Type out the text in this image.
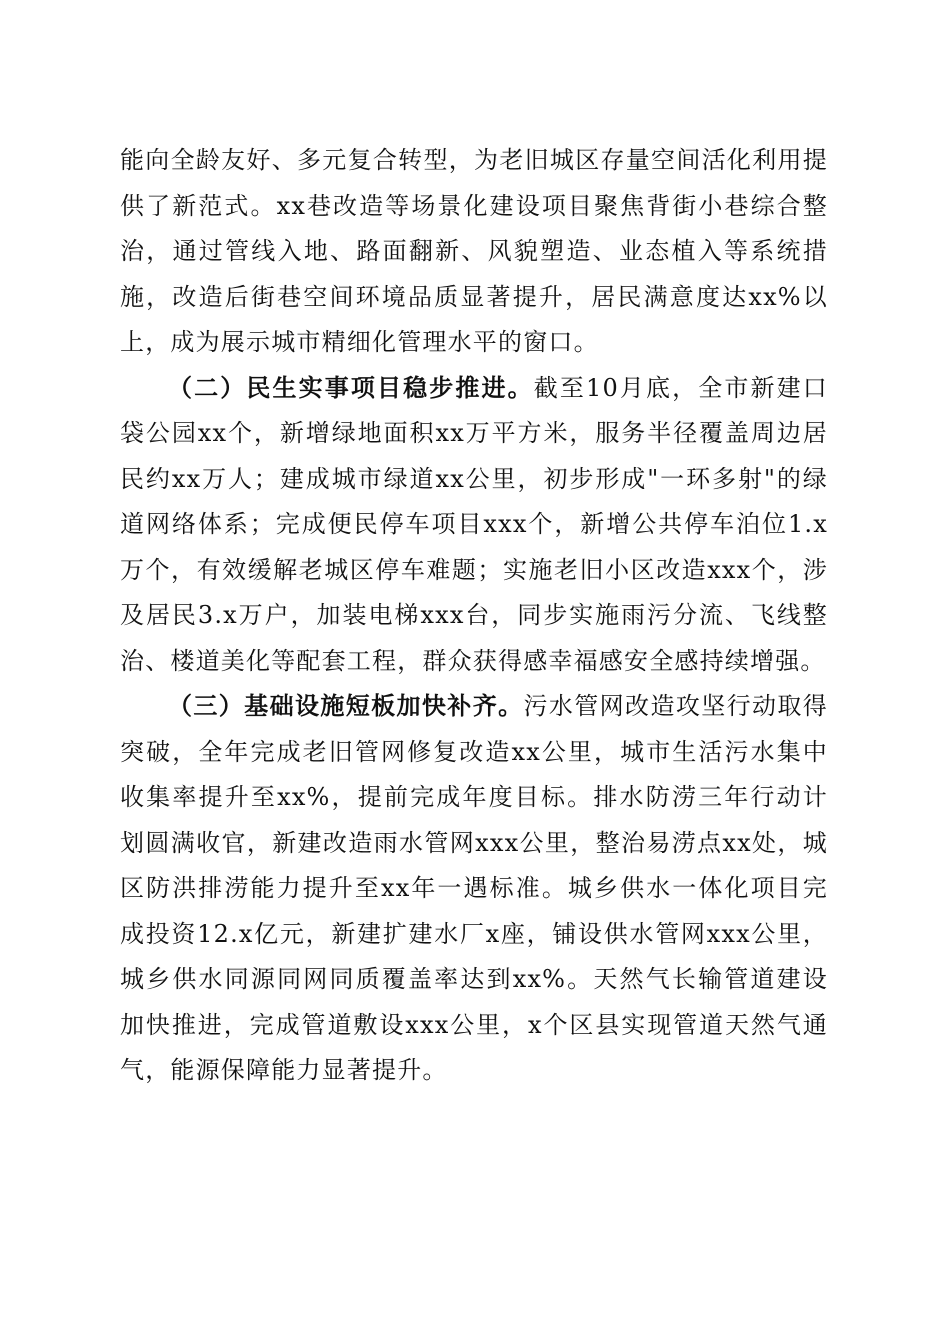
能向全龄友好、多元复合转型，为老旧城区存量空间活化利用提供了新范式。xx巷改造等场景化建设项目聚焦背街小巷综合整治，通过管线入地、路面翻新、风貌塑造、业态植入等系统措施，改造后街巷空间环境品质显著提升，居民满意度达xx%以上，成为展示城市精细化管理水平的窗口。

（二）民生实事项目稳步推进。截至10月底，全市新建口袋公园xx个，新增绿地面积xx万平方米，服务半径覆盖周边居民约xx万人；建成城市绿道xx公里，初步形成"一环多射"的绿道网络体系；完成便民停车项目xxx个，新增公共停车泊位1.x万个，有效缓解老城区停车难题；实施老旧小区改造xxx个，涉及居民3.x万户，加装电梯xxx台，同步实施雨污分流、飞线整治、楼道美化等配套工程，群众获得感幸福感安全感持续增强。

（三）基础设施短板加快补齐。污水管网改造攻坚行动取得突破，全年完成老旧管网修复改造xx公里，城市生活污水集中收集率提升至xx%，提前完成年度目标。排水防涝三年行动计划圆满收官，新建改造雨水管网xxx公里，整治易涝点xx处，城区防洪排涝能力提升至xx年一遇标准。城乡供水一体化项目完成投资12.x亿元，新建扩建水厂x座，铺设供水管网xxx公里，城乡供水同源同网同质覆盖率达到xx%。天然气长输管道建设加快推进，完成管道敷设xxx公里，x个区县实现管道天然气通气，能源保障能力显著提升。
